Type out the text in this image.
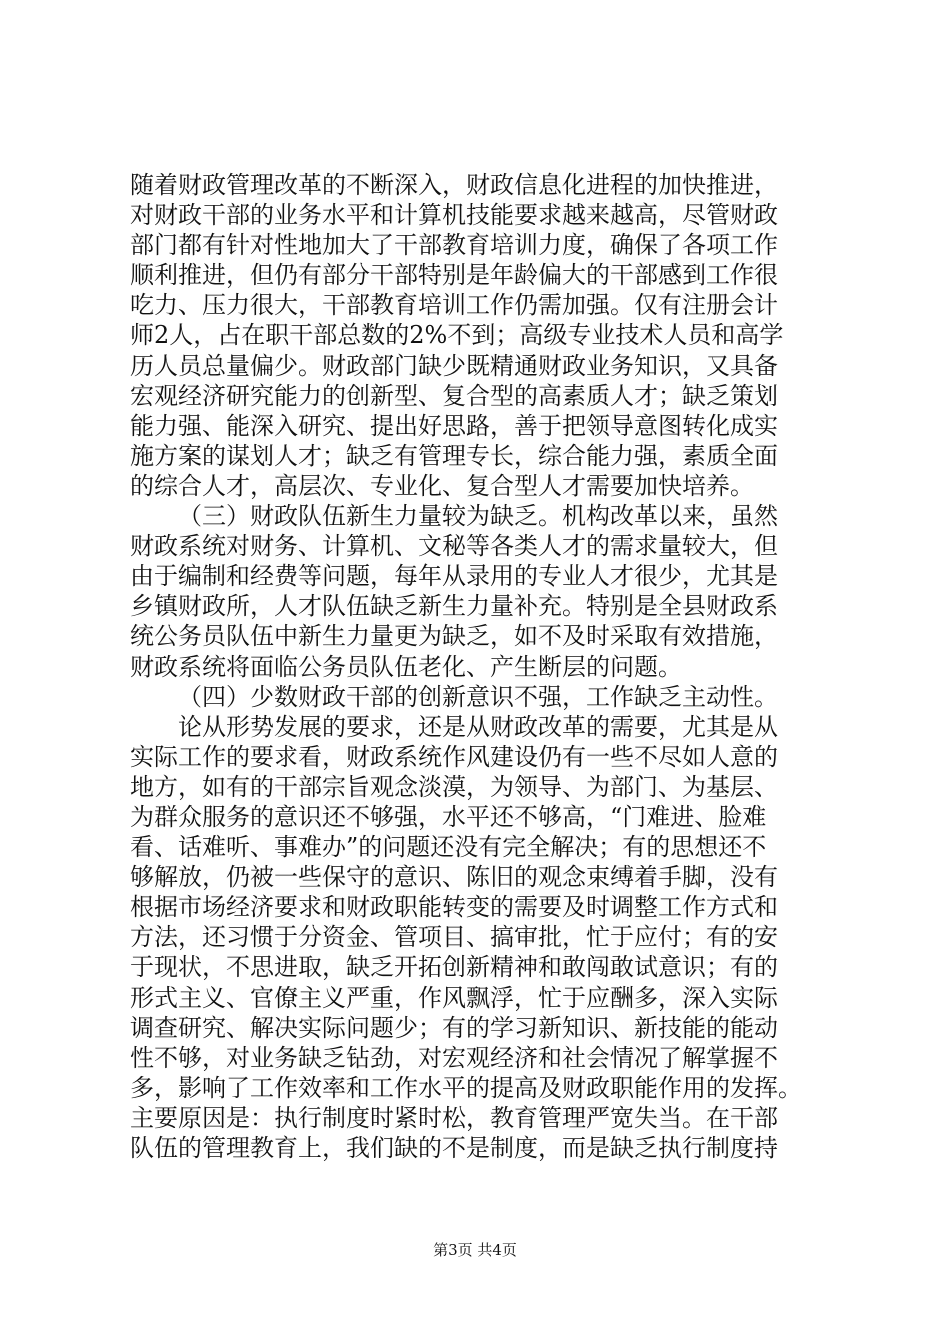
随着财政管理改革的不断深入，财政信息化进程的加快推进，
对财政干部的业务水平和计算机技能要求越来越高，尽管财政
部门都有针对性地加大了干部教育培训力度，确保了各项工作
顺利推进，但仍有部分干部特别是年龄偏大的干部感到工作很
吃力、压力很大，干部教育培训工作仍需加强。仅有注册会计
师2人，占在职干部总数的2%不到；高级专业技术人员和高学
历人员总量偏少。财政部门缺少既精通财政业务知识，又具备
宏观经济研究能力的创新型、复合型的高素质人才；缺乏策划
能力强、能深入研究、提出好思路，善于把领导意图转化成实
施方案的谋划人才；缺乏有管理专长，综合能力强，素质全面
的综合人才，高层次、专业化、复合型人才需要加快培养。
（三）财政队伍新生力量较为缺乏。机构改革以来，虽然
财政系统对财务、计算机、文秘等各类人才的需求量较大，但
由于编制和经费等问题，每年从录用的专业人才很少，尤其是
乡镇财政所，人才队伍缺乏新生力量补充。特别是全县财政系
统公务员队伍中新生力量更为缺乏，如不及时采取有效措施，
财政系统将面临公务员队伍老化、产生断层的问题。
（四）少数财政干部的创新意识不强，工作缺乏主动性。
论从形势发展的要求，还是从财政改革的需要，尤其是从
实际工作的要求看，财政系统作风建设仍有一些不尽如人意的
地方，如有的干部宗旨观念淡漠，为领导、为部门、为基层、
为群众服务的意识还不够强，水平还不够高，“门难进、脸难
看、话难听、事难办”的问题还没有完全解决；有的思想还不
够解放，仍被一些保守的意识、陈旧的观念束缚着手脚，没有
根据市场经济要求和财政职能转变的需要及时调整工作方式和
方法，还习惯于分资金、管项目、搞审批，忙于应付；有的安
于现状，不思进取，缺乏开拓创新精神和敢闯敢试意识；有的
形式主义、官僚主义严重，作风飘浮，忙于应酬多，深入实际
调查研究、解决实际问题少；有的学习新知识、新技能的能动
性不够，对业务缺乏钻劲，对宏观经济和社会情况了解掌握不
多，影响了工作效率和工作水平的提高及财政职能作用的发挥。
主要原因是：执行制度时紧时松，教育管理严宽失当。在干部
队伍的管理教育上，我们缺的不是制度，而是缺乏执行制度持
第3页 共4页
